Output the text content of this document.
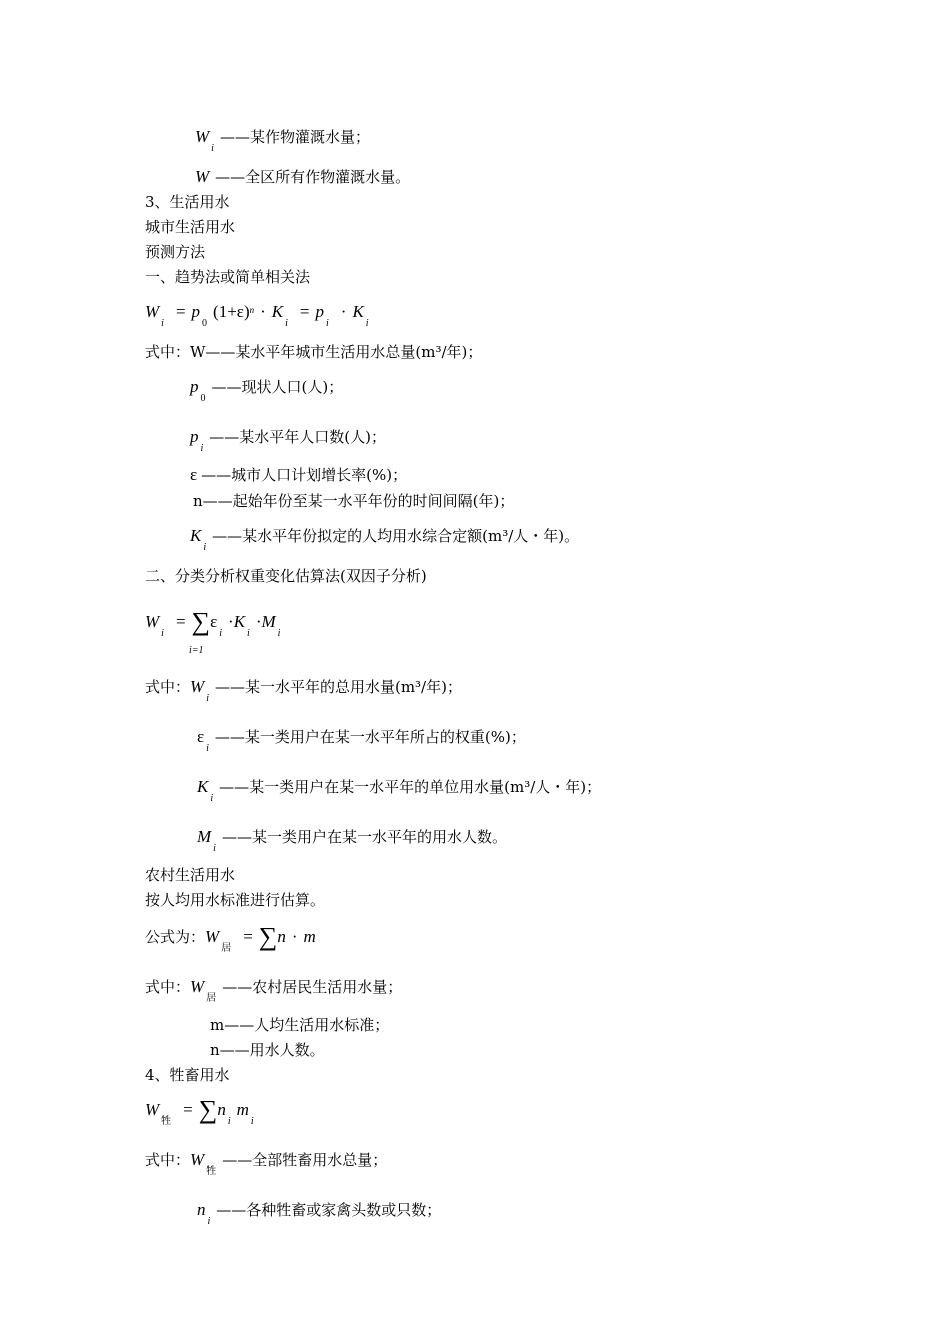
$W_i——$某作物灌溉水量；
W ——全区所有作物灌溉水量。
3、生活用水
城市生活用水
预测方法
一、趋势法或简单相关法
$W_i= p_0(1+\varepsilon)^n \cdot K_i= p_i\cdot K_i$
式中：W——某水平年城市生活用水总量(m³/年)；
$p_0——$现状人口(人)；
$p_i——$某水平年人口数(人)；
ε ——城市人口计划增长率(%)；
n——起始年份至某一水平年份的时间间隔(年)；
$K_i——$某水平年份拟定的人均用水综合定额(m³/人・年)。
二、分类分析权重变化估算法(双因子分析)
$W_i= \sum\varepsilon_i\cdot K_i\cdot M_i$
i=1
式中：$W_i——$某一水平年的总用水量(m³/年)；
$\varepsilon_i——$某一类用户在某一水平年所占的权重(%)；
$K_i——$某一类用户在某一水平年的单位用水量(m³/人・年)；
$M_i——$某一类用户在某一水平年的用水人数。
农村生活用水
按人均用水标准进行估算。
公式为：$W_居= \sum n \cdot m$
式中：$W_居——$农村居民生活用水量；
m——人均生活用水标准；
n——用水人数。
4、牲畜用水
$W_牲= \sum n_im_i$
式中：$W_牲——$全部牲畜用水总量；
$n_i——$各种牲畜或家禽头数或只数；
